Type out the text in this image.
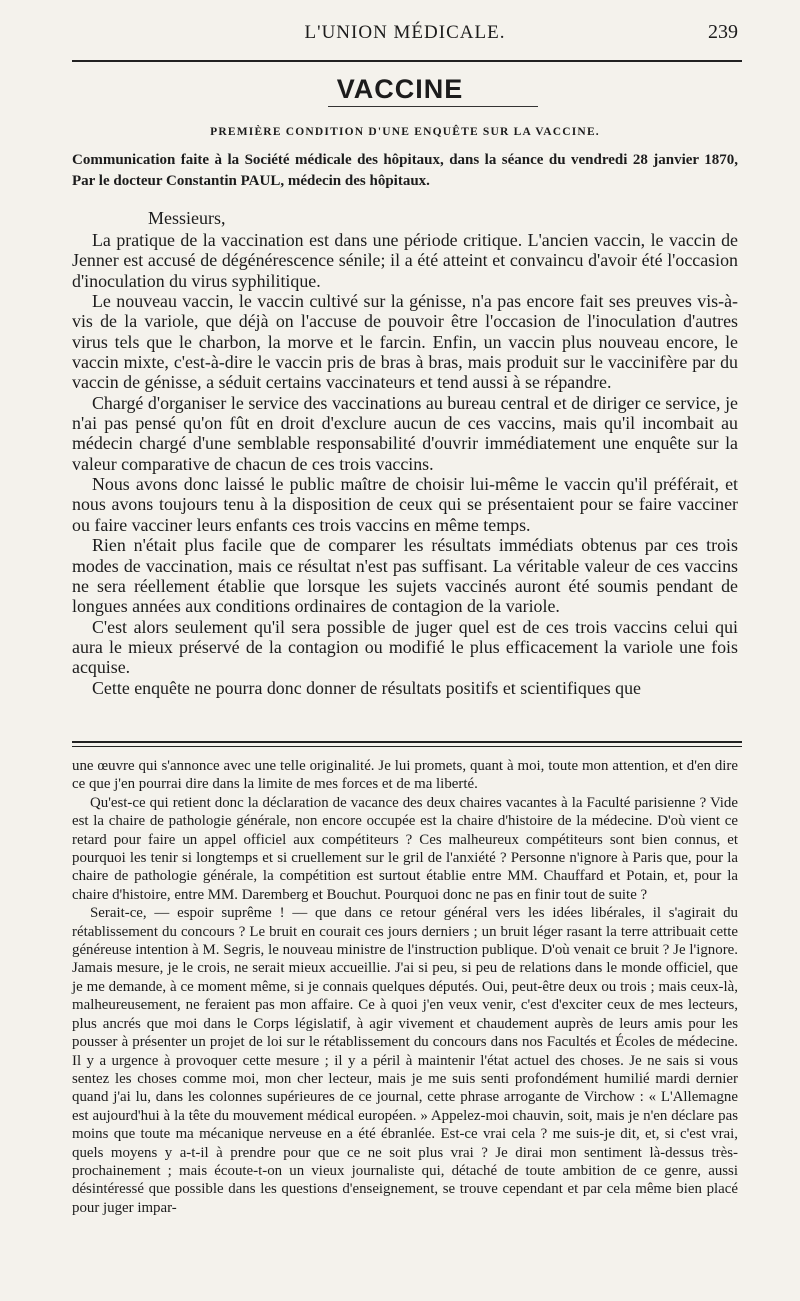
L'UNION MÉDICALE.	239
VACCINE
PREMIÈRE CONDITION D'UNE ENQUÊTE SUR LA VACCINE.
Communication faite à la Société médicale des hôpitaux, dans la séance du vendredi 28 janvier 1870, Par le docteur Constantin PAUL, médecin des hôpitaux.
Messieurs,

La pratique de la vaccination est dans une période critique. L'ancien vaccin, le vaccin de Jenner est accusé de dégénérescence sénile; il a été atteint et convaincu d'avoir été l'occasion d'inoculation du virus syphilitique.

Le nouveau vaccin, le vaccin cultivé sur la génisse, n'a pas encore fait ses preuves vis-à-vis de la variole, que déjà on l'accuse de pouvoir être l'occasion de l'inoculation d'autres virus tels que le charbon, la morve et le farcin. Enfin, un vaccin plus nouveau encore, le vaccin mixte, c'est-à-dire le vaccin pris de bras à bras, mais produit sur le vaccinifère par du vaccin de génisse, a séduit certains vaccinateurs et tend aussi à se répandre.

Chargé d'organiser le service des vaccinations au bureau central et de diriger ce service, je n'ai pas pensé qu'on fût en droit d'exclure aucun de ces vaccins, mais qu'il incombait au médecin chargé d'une semblable responsabilité d'ouvrir immédiatement une enquête sur la valeur comparative de chacun de ces trois vaccins.

Nous avons donc laissé le public maître de choisir lui-même le vaccin qu'il préférait, et nous avons toujours tenu à la disposition de ceux qui se présentaient pour se faire vacciner ou faire vacciner leurs enfants ces trois vaccins en même temps.

Rien n'était plus facile que de comparer les résultats immédiats obtenus par ces trois modes de vaccination, mais ce résultat n'est pas suffisant. La véritable valeur de ces vaccins ne sera réellement établie que lorsque les sujets vaccinés auront été soumis pendant de longues années aux conditions ordinaires de contagion de la variole.

C'est alors seulement qu'il sera possible de juger quel est de ces trois vaccins celui qui aura le mieux préservé de la contagion ou modifié le plus efficacement la variole une fois acquise.

Cette enquête ne pourra donc donner de résultats positifs et scientifiques que

une œuvre qui s'annonce avec une telle originalité. Je lui promets, quant à moi, toute mon attention, et d'en dire ce que j'en pourrai dire dans la limite de mes forces et de ma liberté.

Qu'est-ce qui retient donc la déclaration de vacance des deux chaires vacantes à la Faculté parisienne ? Vide est la chaire de pathologie générale, non encore occupée est la chaire d'histoire de la médecine. D'où vient ce retard pour faire un appel officiel aux compétiteurs ? Ces malheureux compétiteurs sont bien connus, et pourquoi les tenir si longtemps et si cruellement sur le gril de l'anxiété ? Personne n'ignore à Paris que, pour la chaire de pathologie générale, la compétition est surtout établie entre MM. Chauffard et Potain, et, pour la chaire d'histoire, entre MM. Daremberg et Bouchut. Pourquoi donc ne pas en finir tout de suite ?

Serait-ce, — espoir suprême ! — que dans ce retour général vers les idées libérales, il s'agirait du rétablissement du concours ? Le bruit en courait ces jours derniers ; un bruit léger rasant la terre attribuait cette généreuse intention à M. Segris, le nouveau ministre de l'instruction publique. D'où venait ce bruit ? Je l'ignore. Jamais mesure, je le crois, ne serait mieux accueillie. J'ai si peu, si peu de relations dans le monde officiel, que je me demande, à ce moment même, si je connais quelques députés. Oui, peut-être deux ou trois ; mais ceux-là, malheureusement, ne feraient pas mon affaire. Ce à quoi j'en veux venir, c'est d'exciter ceux de mes lecteurs, plus ancrés que moi dans le Corps législatif, à agir vivement et chaudement auprès de leurs amis pour les pousser à présenter un projet de loi sur le rétablissement du concours dans nos Facultés et Écoles de médecine. Il y a urgence à provoquer cette mesure ; il y a péril à maintenir l'état actuel des choses. Je ne sais si vous sentez les choses comme moi, mon cher lecteur, mais je me suis senti profondément humilié mardi dernier quand j'ai lu, dans les colonnes supérieures de ce journal, cette phrase arrogante de Virchow : « L'Allemagne est aujourd'hui à la tête du mouvement médical européen. » Appelez-moi chauvin, soit, mais je n'en déclare pas moins que toute ma mécanique nerveuse en a été ébranlée. Est-ce vrai cela ? me suis-je dit, et, si c'est vrai, quels moyens y a-t-il à prendre pour que ce ne soit plus vrai ? Je dirai mon sentiment là-dessus très-prochainement ; mais écoute-t-on un vieux journaliste qui, détaché de toute ambition de ce genre, aussi désintéressé que possible dans les questions d'enseignement, se trouve cependant et par cela même bien placé pour juger impar-
